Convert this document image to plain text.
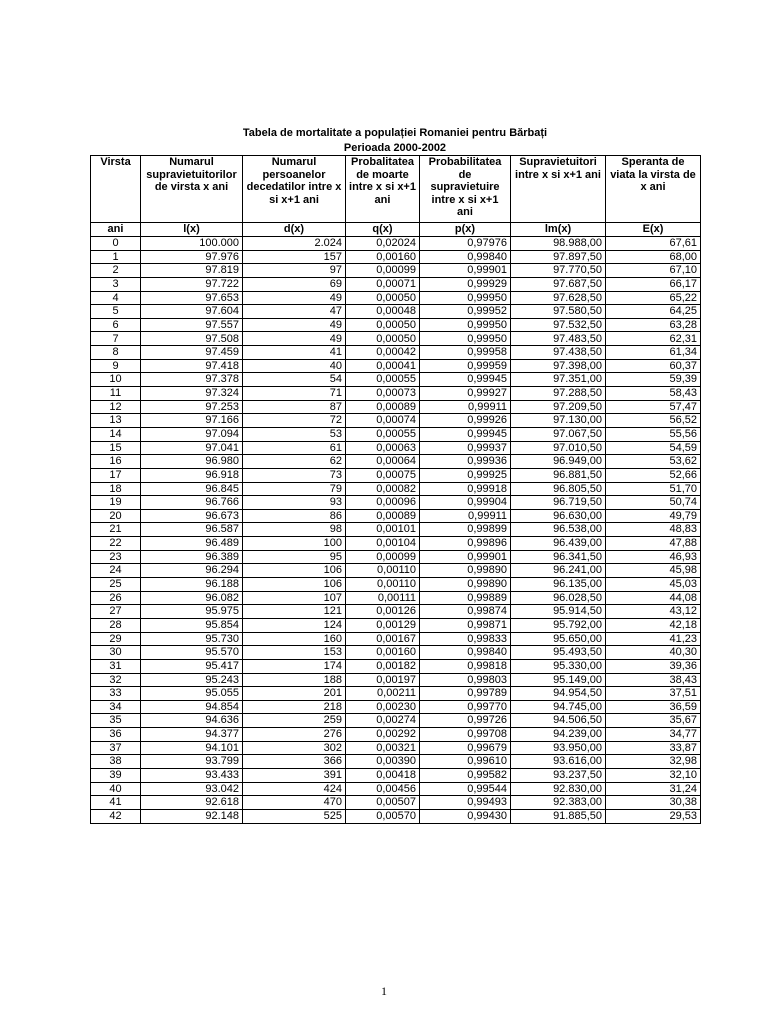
Tabela de mortalitate a populației Romaniei pentru Bărbați
Perioada 2000-2002
Virsta	Numarul supravietuitorilor de virsta x ani	Numarul persoanelor decedatilor intre x si x+1 ani	Probalitatea de moarte intre x si x+1 ani	Probabilitatea de supravietuire intre x si x+1 ani	Supravietuitori intre x si x+1 ani	Speranta de viata la virsta de x ani
ani	l(x)	d(x)	q(x)	p(x)	lm(x)	E(x)
0	100.000	2.024	0,02024	0,97976	98.988,00	67,61
1	97.976	157	0,00160	0,99840	97.897,50	68,00
2	97.819	97	0,00099	0,99901	97.770,50	67,10
3	97.722	69	0,00071	0,99929	97.687,50	66,17
4	97.653	49	0,00050	0,99950	97.628,50	65,22
5	97.604	47	0,00048	0,99952	97.580,50	64,25
6	97.557	49	0,00050	0,99950	97.532,50	63,28
7	97.508	49	0,00050	0,99950	97.483,50	62,31
8	97.459	41	0,00042	0,99958	97.438,50	61,34
9	97.418	40	0,00041	0,99959	97.398,00	60,37
10	97.378	54	0,00055	0,99945	97.351,00	59,39
11	97.324	71	0,00073	0,99927	97.288,50	58,43
12	97.253	87	0,00089	0,99911	97.209,50	57,47
13	97.166	72	0,00074	0,99926	97.130,00	56,52
14	97.094	53	0,00055	0,99945	97.067,50	55,56
15	97.041	61	0,00063	0,99937	97.010,50	54,59
16	96.980	62	0,00064	0,99936	96.949,00	53,62
17	96.918	73	0,00075	0,99925	96.881,50	52,66
18	96.845	79	0,00082	0,99918	96.805,50	51,70
19	96.766	93	0,00096	0,99904	96.719,50	50,74
20	96.673	86	0,00089	0,99911	96.630,00	49,79
21	96.587	98	0,00101	0,99899	96.538,00	48,83
22	96.489	100	0,00104	0,99896	96.439,00	47,88
23	96.389	95	0,00099	0,99901	96.341,50	46,93
24	96.294	106	0,00110	0,99890	96.241,00	45,98
25	96.188	106	0,00110	0,99890	96.135,00	45,03
26	96.082	107	0,00111	0,99889	96.028,50	44,08
27	95.975	121	0,00126	0,99874	95.914,50	43,12
28	95.854	124	0,00129	0,99871	95.792,00	42,18
29	95.730	160	0,00167	0,99833	95.650,00	41,23
30	95.570	153	0,00160	0,99840	95.493,50	40,30
31	95.417	174	0,00182	0,99818	95.330,00	39,36
32	95.243	188	0,00197	0,99803	95.149,00	38,43
33	95.055	201	0,00211	0,99789	94.954,50	37,51
34	94.854	218	0,00230	0,99770	94.745,00	36,59
35	94.636	259	0,00274	0,99726	94.506,50	35,67
36	94.377	276	0,00292	0,99708	94.239,00	34,77
37	94.101	302	0,00321	0,99679	93.950,00	33,87
38	93.799	366	0,00390	0,99610	93.616,00	32,98
39	93.433	391	0,00418	0,99582	93.237,50	32,10
40	93.042	424	0,00456	0,99544	92.830,00	31,24
41	92.618	470	0,00507	0,99493	92.383,00	30,38
42	92.148	525	0,00570	0,99430	91.885,50	29,53
1
